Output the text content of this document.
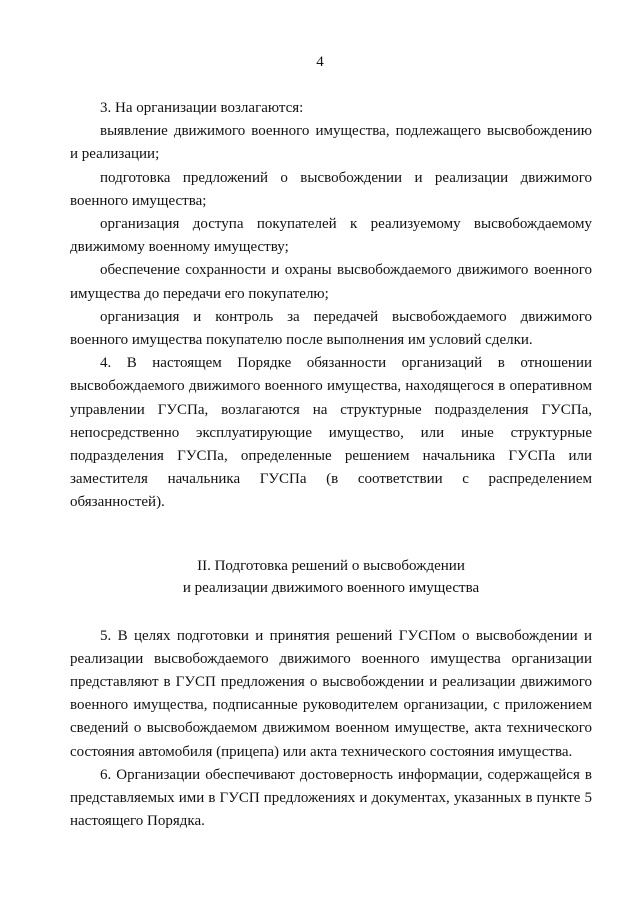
4

3. На организации возлагаются:

выявление движимого военного имущества, подлежащего высвобождению и реализации;

подготовка предложений о высвобождении и реализации движимого военного имущества;

организация доступа покупателей к реализуемому высвобождаемому движимому военному имуществу;

обеспечение сохранности и охраны высвобождаемого движимого военного имущества до передачи его покупателю;

организация и контроль за передачей высвобождаемого движимого военного имущества покупателю после выполнения им условий сделки.

4. В настоящем Порядке обязанности организаций в отношении высвобождаемого движимого военного имущества, находящегося в оперативном управлении ГУСПа, возлагаются на структурные подразделения ГУСПа, непосредственно эксплуатирующие имущество, или иные структурные подразделения ГУСПа, определенные решением начальника ГУСПа или заместителя начальника ГУСПа (в соответствии с распределением обязанностей).

II. Подготовка решений о высвобождении
и реализации движимого военного имущества

5. В целях подготовки и принятия решений ГУСПом о высвобождении и реализации высвобождаемого движимого военного имущества организации представляют в ГУСП предложения о высвобождении и реализации движимого военного имущества, подписанные руководителем организации, с приложением сведений о высвобождаемом движимом военном имуществе, акта технического состояния автомобиля (прицепа) или акта технического состояния имущества.

6. Организации обеспечивают достоверность информации, содержащейся в представляемых ими в ГУСП предложениях и документах, указанных в пункте 5 настоящего Порядка.
